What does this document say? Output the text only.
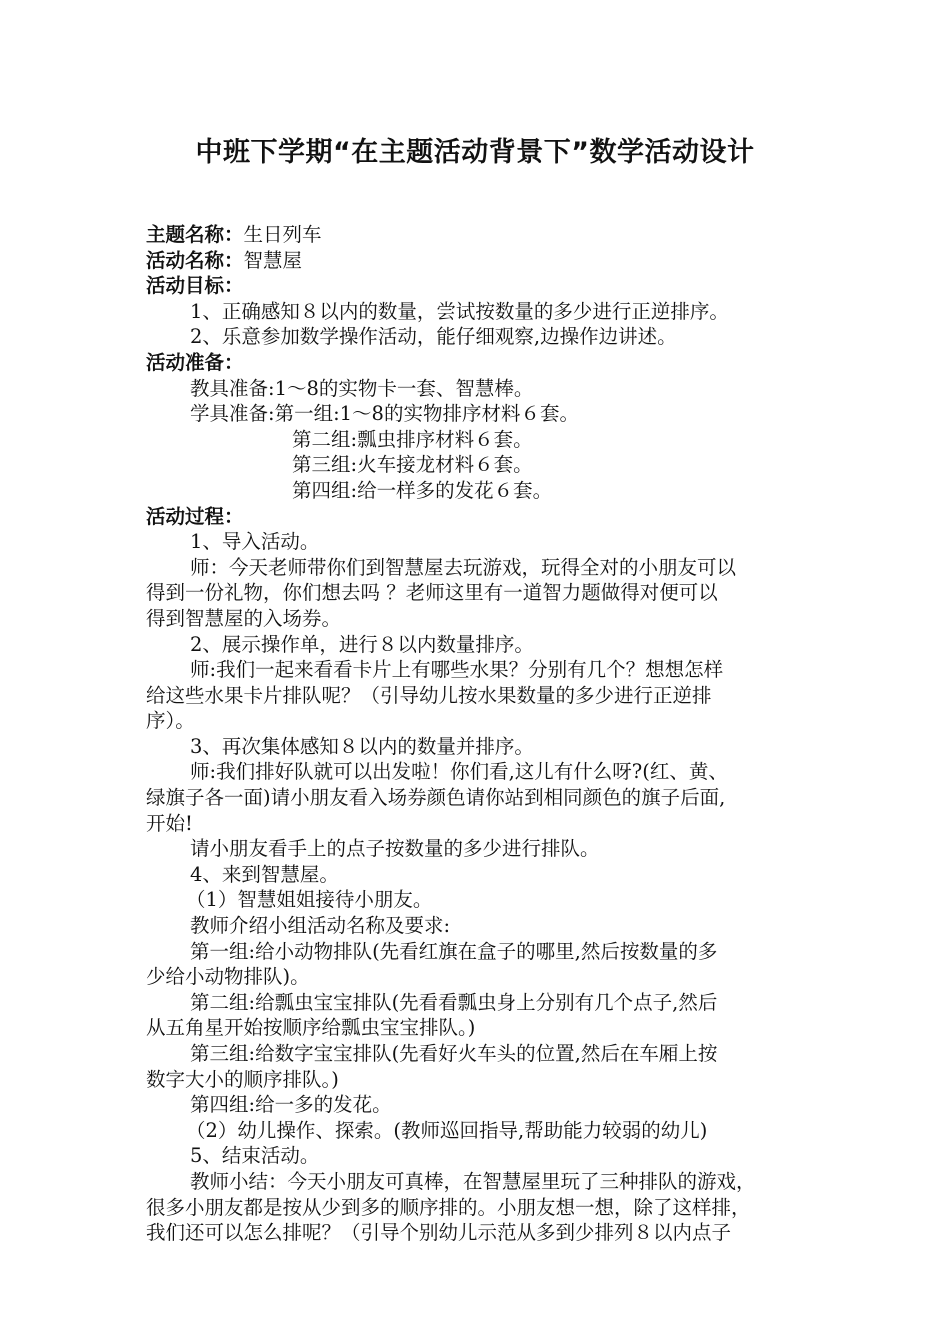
中班下学期“在主题活动背景下”数学活动设计
主题名称：生日列车
活动名称：智慧屋
活动目标：
1、正确感知８以内的数量，尝试按数量的多少进行正逆排序。
2、乐意参加数学操作活动，能仔细观察,边操作边讲述。
活动准备：
教具准备:1～8的实物卡一套、智慧棒。
学具准备:第一组:1～8的实物排序材料６套。
第二组:瓢虫排序材料６套。
第三组:火车接龙材料６套。
第四组:给一样多的发花６套。
活动过程：
1、导入活动。
师：今天老师带你们到智慧屋去玩游戏，玩得全对的小朋友可以
得到一份礼物，你们想去吗 ？老师这里有一道智力题做得对便可以
得到智慧屋的入场券。
2、展示操作单，进行８以内数量排序。
师:我们一起来看看卡片上有哪些水果？分别有几个？想想怎样
给这些水果卡片排队呢？（引导幼儿按水果数量的多少进行正逆排
序）。
3、再次集体感知８以内的数量并排序。
师:我们排好队就可以出发啦！你们看,这儿有什么呀?(红、黄、
绿旗子各一面)请小朋友看入场券颜色请你站到相同颜色的旗子后面,
开始!
请小朋友看手上的点子按数量的多少进行排队。
4、来到智慧屋。
（1）智慧姐姐接待小朋友。
教师介绍小组活动名称及要求:
第一组:给小动物排队(先看红旗在盒子的哪里,然后按数量的多
少给小动物排队)。
第二组:给瓢虫宝宝排队(先看看瓢虫身上分别有几个点子,然后
从五角星开始按顺序给瓢虫宝宝排队。)
第三组:给数字宝宝排队(先看好火车头的位置,然后在车厢上按
数字大小的顺序排队。)
第四组:给一多的发花。
（2）幼儿操作、探索。(教师巡回指导,帮助能力较弱的幼儿)
5、结束活动。
教师小结：今天小朋友可真棒，在智慧屋里玩了三种排队的游戏，
很多小朋友都是按从少到多的顺序排的。小朋友想一想，除了这样排，
我们还可以怎么排呢？（引导个别幼儿示范从多到少排列８以内点子
